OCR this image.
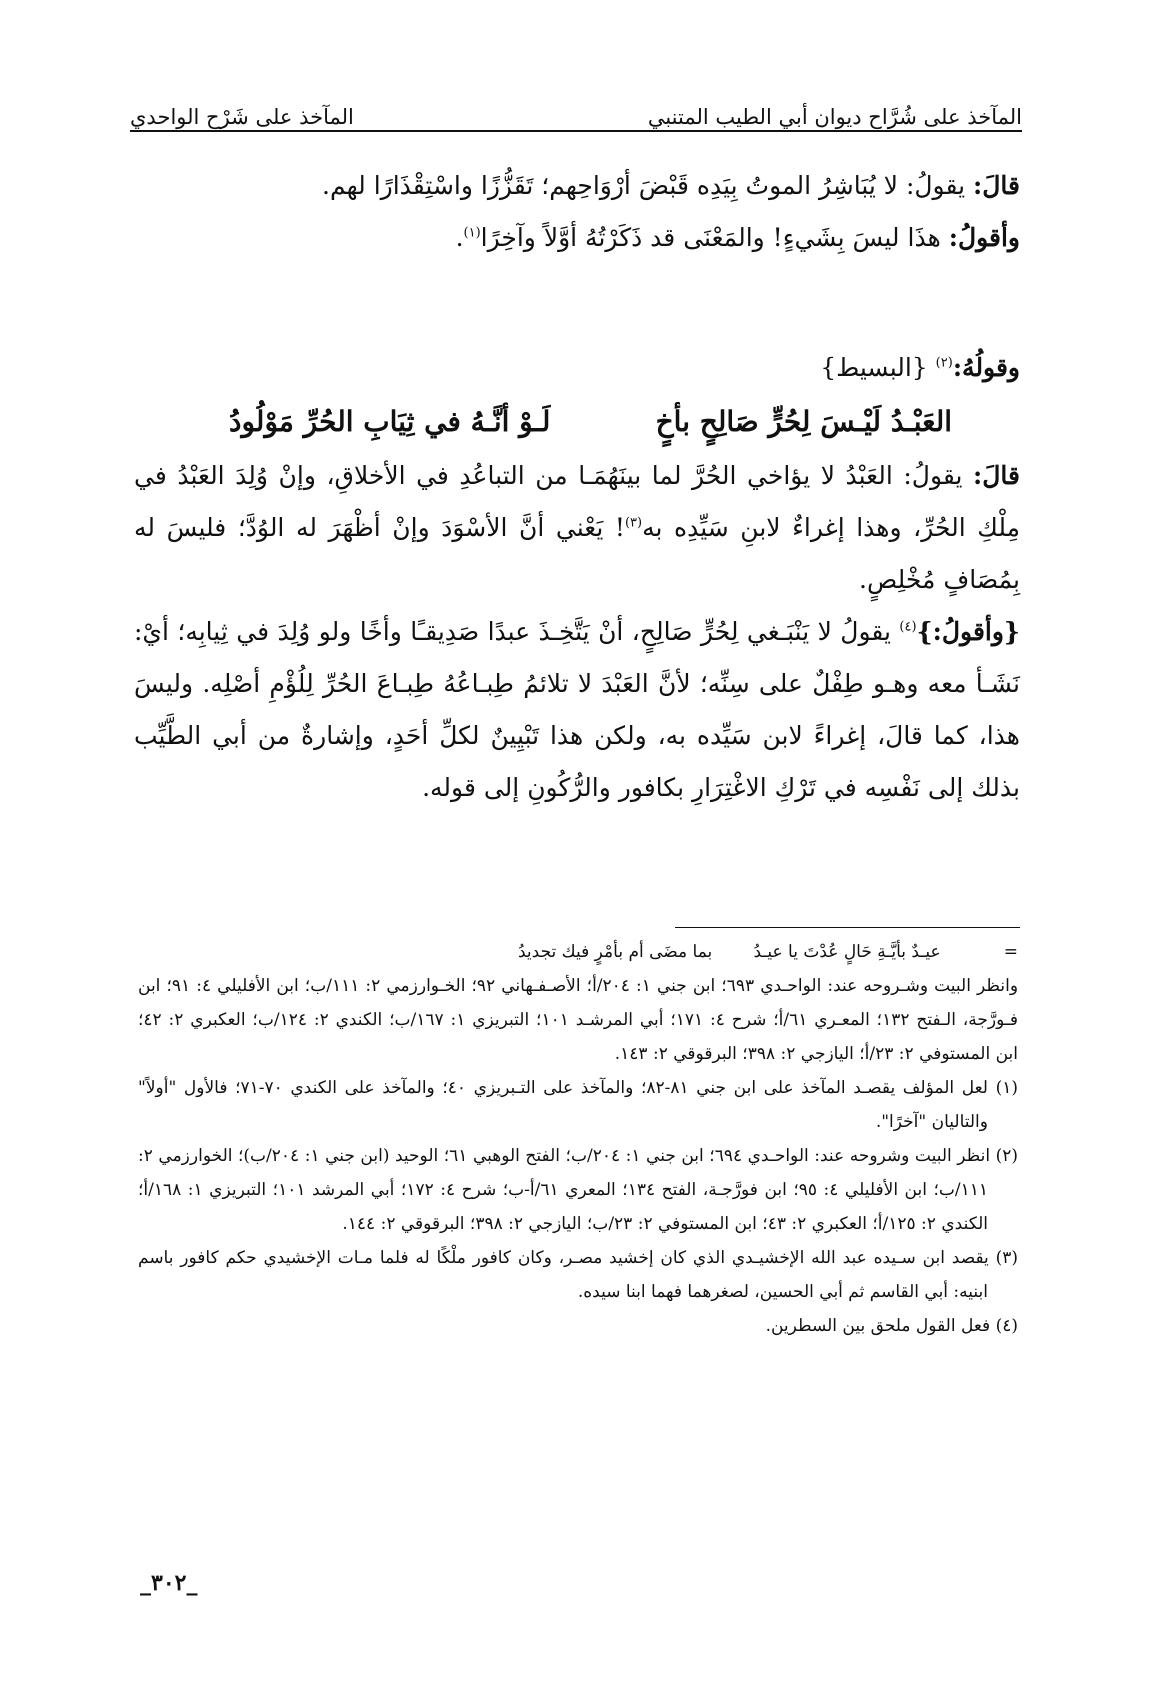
المآخذ على شُرَّاح ديوان أبي الطيب المتنبي
المآخذ على شَرْح الواحدي

قالَ: يقولُ: لا يُبَاشِرُ الموتُ بِيَدِه قَبْضَ أرْوَاحِهم؛ تَقَزُّزًا واسْتِقْذَارًا لهم.

وأقولُ: هذَا ليسَ بِشَيءٍ! والمَعْنَى قد ذَكَرْتُهُ أوَّلاً وآخِرًا$^{(١)}$.

وقولُهُ:$^{(٢)}$ {البسيط}

العَبْـدُ لَيْـسَ لِحُرٍّ صَالِحٍ بأخٍ
لَـوْ أنَّـهُ في ثِيَابِ الحُرِّ مَوْلُودُ

قالَ: يقولُ: العَبْدُ لا يؤاخي الحُرَّ لما بينَهُمَـا من التباعُدِ في الأخلاقِ، وإنْ وُلِدَ العَبْدُ في مِلْكِ الحُرِّ، وهذا إغراءٌ لابنِ سَيِّدِه به$^{(٣)}$! يَعْني أنَّ الأسْوَدَ وإنْ أظْهَرَ له الوُدَّ؛ فليسَ له بِمُصَافٍ مُخْلِصٍ.

{وأقولُ:}$^{(٤)}$ يقولُ لا يَنْبَـغي لِحُرٍّ صَالِحٍ، أنْ يَتَّخِـذَ عبدًا صَدِيقـًا وأخًا ولو وُلِدَ في ثِيابِه؛ أيْ: نَشَـأ معه وهـو طِفْلٌ على سِنِّه؛ لأنَّ العَبْدَ لا تلائمُ طِبـاعُهُ طِبـاعَ الحُرِّ لِلُؤْمِ أصْلِه. وليسَ هذا، كما قالَ، إغراءً لابن سَيِّده به، ولكن هذا تَبْيِينٌ لكلِّ أحَدٍ، وإشارةٌ من أبي الطَّيِّب بذلك إلى نَفْسِه في تَرْكِ الاغْتِرَارِ بكافور والرُّكُونِ إلى قوله.

=
عيـدٌ بأيَّـةِ حَالٍ عُدْتَ يا عيـدُ
بما مضَى أم بأمْرٍ فيك تجديدُ

وانظر البيت وشـروحه عند: الواحـدي ٦٩٣؛ ابن جني ١: ٢٠٤/أ؛ الأصـفـهاني ٩٢؛ الخـوارزمي ٢: ١١١/ب؛ ابن الأفليلي ٤: ٩١؛ ابن فـورَّجة، الـفتح ١٣٢؛ المعـري ٦١/أ؛ شرح ٤: ١٧١؛ أبي المرشـد ١٠١؛ التبريزي ١: ١٦٧/ب؛ الكندي ٢: ١٢٤/ب؛ العكبري ٢: ٤٢؛ ابن المستوفي ٢: ٢٣/أ؛ اليازجي ٢: ٣٩٨؛ البرقوقي ٢: ١٤٣.

(١) لعل المؤلف يقصـد المآخذ على ابن جني ٨١-٨٢؛ والمآخذ على التـبريزي ٤٠؛ والمآخذ على الكندي ٧٠-٧١؛ فالأول "أولاً" والتاليان "آخرًا".

(٢) انظر البيت وشروحه عند: الواحـدي ٦٩٤؛ ابن جني ١: ٢٠٤/ب؛ الفتح الوهبي ٦١؛ الوحيد (ابن جني ١: ٢٠٤/ب)؛ الخوارزمي ٢: ١١١/ب؛ ابن الأفليلي ٤: ٩٥؛ ابن فورَّجـة، الفتح ١٣٤؛ المعري ٦١/أ-ب؛ شرح ٤: ١٧٢؛ أبي المرشد ١٠١؛ التبريزي ١: ١٦٨/أ؛ الكندي ٢: ١٢٥/أ؛ العكبري ٢: ٤٣؛ ابن المستوفي ٢: ٢٣/ب؛ اليازجي ٢: ٣٩٨؛ البرقوقي ٢: ١٤٤.

(٣) يقصد ابن سـيده عبد الله الإخشيـدي الذي كان إخشيد مصـر، وكان كافور ملْكًا له فلما مـات الإخشيدي حكم كافور باسم ابنيه: أبي القاسم ثم أبي الحسين، لصغرهما فهما ابنا سيده.

(٤) فعل القول ملحق بين السطرين.

_٣٠٢_
